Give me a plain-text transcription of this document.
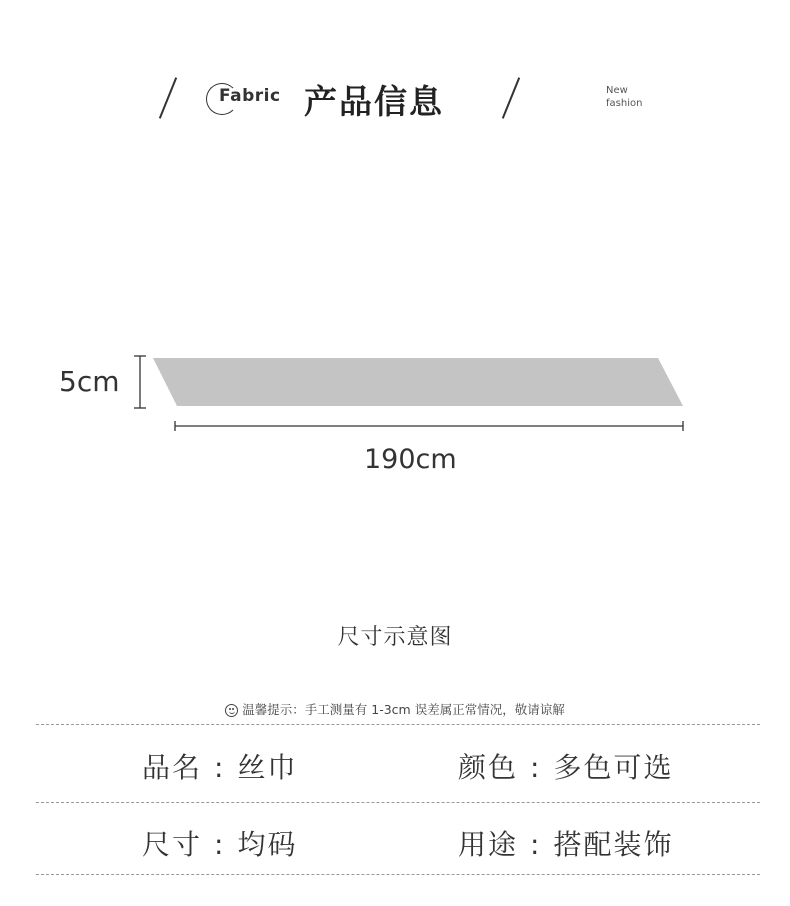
Fabric 产品信息	New
fashion
5cm
190cm
尺寸示意图
温馨提示：手工测量有 1-3cm 误差属正常情况，敬请谅解
品名 : 丝巾	颜色 : 多色可选
尺寸 : 均码	用途 : 搭配装饰
